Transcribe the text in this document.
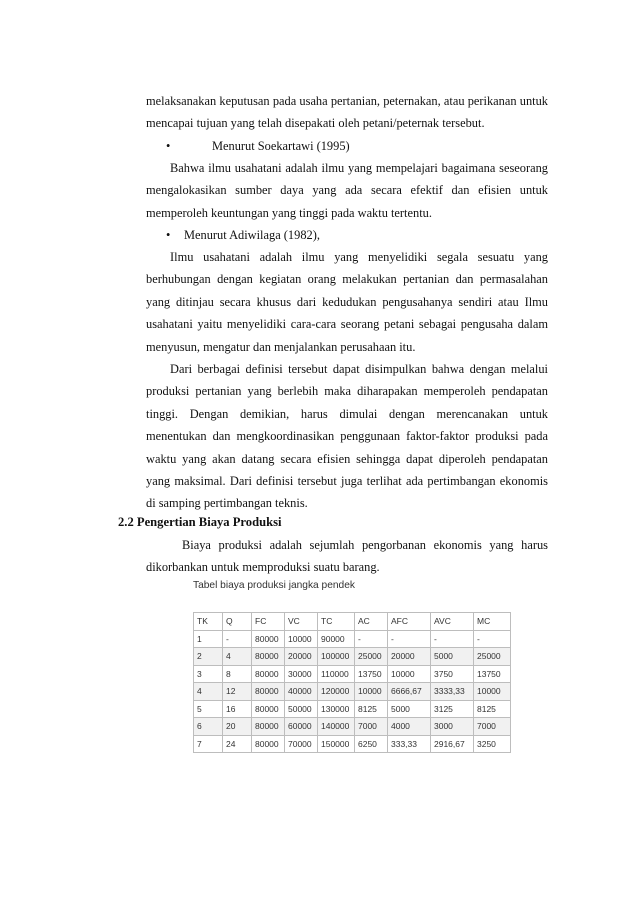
melaksanakan keputusan pada usaha pertanian, peternakan, atau perikanan untuk mencapai tujuan yang telah disepakati oleh petani/peternak tersebut.

•	Menurut Soekartawi (1995)

Bahwa ilmu usahatani adalah ilmu yang mempelajari bagaimana seseorang mengalokasikan sumber daya yang ada secara efektif dan efisien untuk memperoleh keuntungan yang tinggi pada waktu tertentu.

• Menurut Adiwilaga (1982),

Ilmu usahatani adalah ilmu yang menyelidiki segala sesuatu yang berhubungan dengan kegiatan orang melakukan pertanian dan permasalahan yang ditinjau secara khusus dari kedudukan pengusahanya sendiri atau Ilmu usahatani yaitu menyelidiki cara-cara seorang petani sebagai pengusaha dalam menyusun, mengatur dan menjalankan perusahaan itu.

Dari berbagai definisi tersebut dapat disimpulkan bahwa dengan melalui produksi pertanian yang berlebih maka diharapakan memperoleh pendapatan tinggi. Dengan demikian, harus dimulai dengan merencanakan untuk menentukan dan mengkoordinasikan penggunaan faktor-faktor produksi pada waktu yang akan datang secara efisien sehingga dapat diperoleh pendapatan yang maksimal. Dari definisi tersebut juga terlihat ada pertimbangan ekonomis di samping pertimbangan teknis.

2.2 Pengertian Biaya Produksi

Biaya produksi adalah sejumlah pengorbanan ekonomis yang harus dikorbankan untuk memproduksi suatu barang.

Tabel biaya produksi jangka pendek
TK	Q	FC	VC	TC	AC	AFC	AVC	MC
1	-	80000	10000	90000	-	-	-	-
2	4	80000	20000	100000	25000	20000	5000	25000
3	8	80000	30000	110000	13750	10000	3750	13750
4	12	80000	40000	120000	10000	6666,67	3333,33	10000
5	16	80000	50000	130000	8125	5000	3125	8125
6	20	80000	60000	140000	7000	4000	3000	7000
7	24	80000	70000	150000	6250	333,33	2916,67	3250
